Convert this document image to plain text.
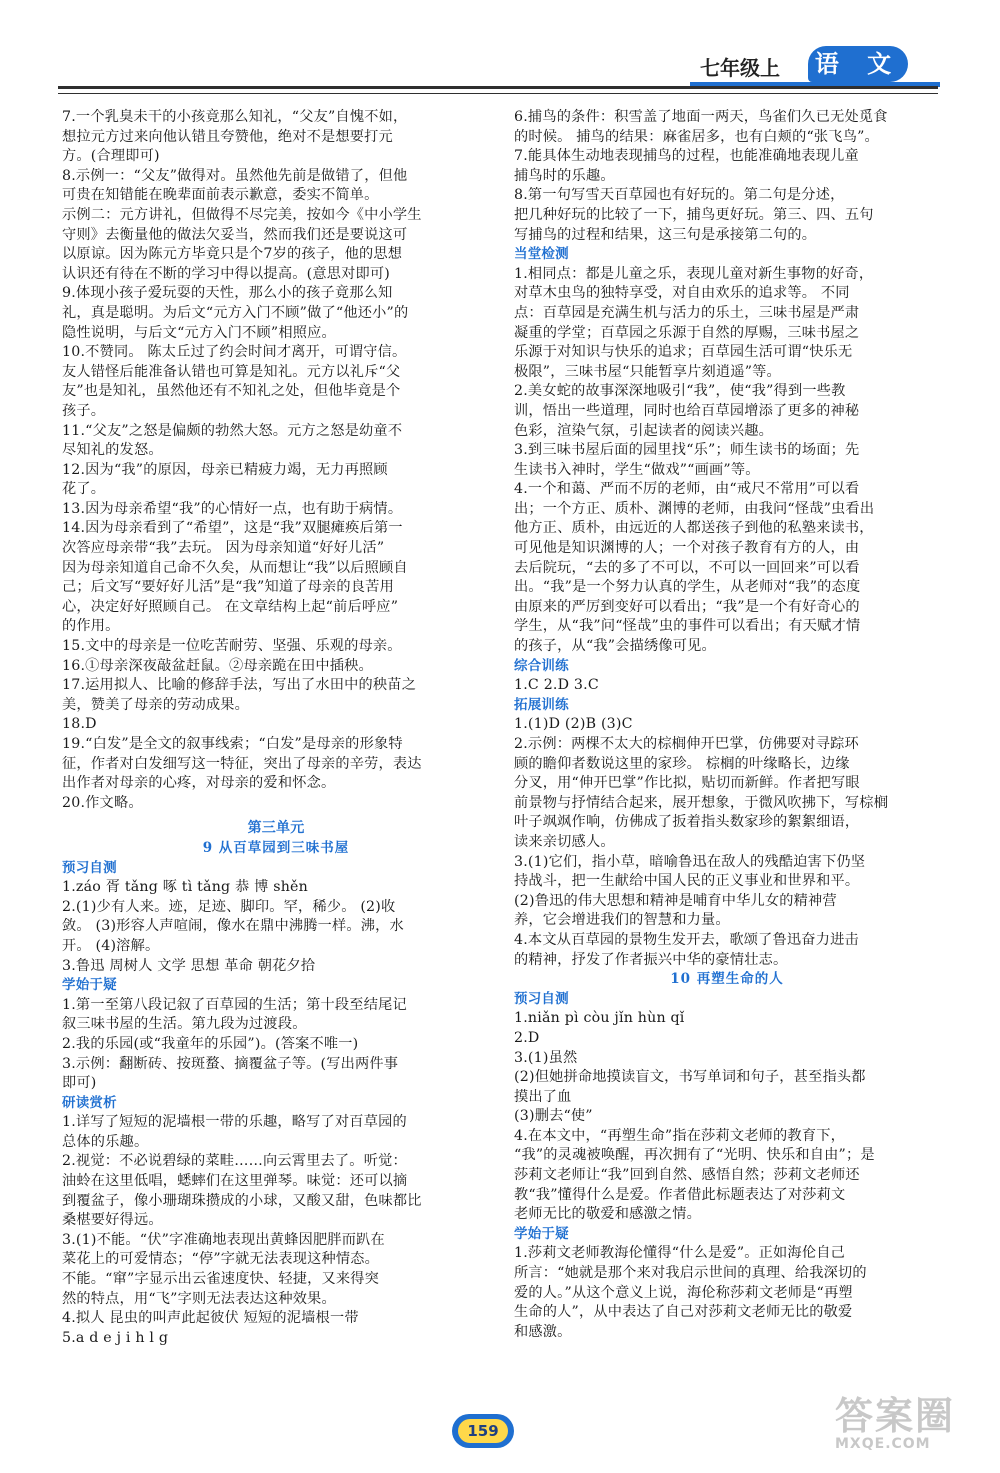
七年级上 语 文

7.一个乳臭未干的小孩竟那么知礼，“父友”自愧不如，

想拉元方过来向他认错且夸赞他，绝对不是想要打元

方。(合理即可)

8.示例一：“父友”做得对。虽然他先前是做错了，但他

可贵在知错能在晚辈面前表示歉意，委实不简单。

示例二：元方讲礼，但做得不尽完美，按如今《中小学生

守则》去衡量他的做法欠妥当，然而我们还是要说这可

以原谅。因为陈元方毕竟只是个7岁的孩子，他的思想

认识还有待在不断的学习中得以提高。(意思对即可)

9.体现小孩子爱玩耍的天性，那么小的孩子竟那么知

礼，真是聪明。为后文“元方入门不顾”做了“他还小”的

隐性说明，与后文“元方入门不顾”相照应。

10.不赞同。 陈太丘过了约会时间才离开，可谓守信。

友人错怪后能准备认错也可算是知礼。元方以礼斥“父

友”也是知礼，虽然他还有不知礼之处，但他毕竟是个

孩子。

11.“父友”之怒是偏颇的勃然大怒。元方之怒是幼童不

尽知礼的发怒。

12.因为“我”的原因，母亲已精疲力竭，无力再照顾

花了。

13.因为母亲希望“我”的心情好一点，也有助于病情。

14.因为母亲看到了“希望”，这是“我”双腿瘫痪后第一

次答应母亲带“我”去玩。 因为母亲知道“好好儿活”

因为母亲知道自己命不久矣，从而想让“我”以后照顾自

己；后文写“要好好儿活”是“我”知道了母亲的良苦用

心，决定好好照顾自己。 在文章结构上起“前后呼应”

的作用。

15.文中的母亲是一位吃苦耐劳、坚强、乐观的母亲。

16.①母亲深夜敲盆赶鼠。②母亲跪在田中插秧。

17.运用拟人、比喻的修辞手法，写出了水田中的秧苗之

美，赞美了母亲的劳动成果。

18.D

19.“白发”是全文的叙事线索；“白发”是母亲的形象特

征，作者对白发细写这一特征，突出了母亲的辛劳，表达

出作者对母亲的心疼，对母亲的爱和怀念。

20.作文略。

第三单元

9 从百草园到三味书屋

预习自测

1.záo 胥 tǎng 啄 tì tǎng 恭 博 shěn

2.(1)少有人来。迹，足迹、脚印。罕，稀少。 (2)收

敛。 (3)形容人声喧闹，像水在鼎中沸腾一样。沸，水

开。 (4)溶解。

3.鲁迅 周树人 文学 思想 革命 朝花夕拾

学始于疑

1.第一至第八段记叙了百草园的生活；第十段至结尾记

叙三味书屋的生活。第九段为过渡段。

2.我的乐园(或“我童年的乐园”)。(答案不唯一)

3.示例：翻断砖、按斑蝥、摘覆盆子等。(写出两件事

即可)

研读赏析

1.详写了短短的泥墙根一带的乐趣，略写了对百草园的

总体的乐趣。

2.视觉：不必说碧绿的菜畦……向云霄里去了。听觉：

油蛉在这里低唱，蟋蟀们在这里弹琴。味觉：还可以摘

到覆盆子，像小珊瑚珠攒成的小球，又酸又甜，色味都比

桑椹要好得远。

3.(1)不能。“伏”字准确地表现出黄蜂因肥胖而趴在

菜花上的可爱情态；“停”字就无法表现这种情态。

不能。“窜”字显示出云雀速度快、轻捷，又来得突

然的特点，用“飞”字则无法表达这种效果。

4.拟人 昆虫的叫声此起彼伏 短短的泥墙根一带

5.a d e j i h l g

6.捕鸟的条件：积雪盖了地面一两天，鸟雀们久已无处觅食

的时候。 捕鸟的结果：麻雀居多，也有白颊的“张飞鸟”。

7.能具体生动地表现捕鸟的过程，也能准确地表现儿童

捕鸟时的乐趣。

8.第一句写雪天百草园也有好玩的。第二句是分述，

把几种好玩的比较了一下，捕鸟更好玩。第三、四、五句

写捕鸟的过程和结果，这三句是承接第二句的。

当堂检测

1.相同点：都是儿童之乐，表现儿童对新生事物的好奇，

对草木虫鸟的独特享受，对自由欢乐的追求等。 不同

点：百草园是充满生机与活力的乐土，三味书屋是严肃

凝重的学堂；百草园之乐源于自然的厚赐，三味书屋之

乐源于对知识与快乐的追求；百草园生活可谓“快乐无

极限”，三味书屋“只能暂享片刻逍遥”等。

2.美女蛇的故事深深地吸引“我”，使“我”得到一些教

训，悟出一些道理，同时也给百草园增添了更多的神秘

色彩，渲染气氛，引起读者的阅读兴趣。

3.到三味书屋后面的园里找“乐”；师生读书的场面；先

生读书入神时，学生“做戏”“画画”等。

4.一个和蔼、严而不厉的老师，由“戒尺不常用”可以看

出；一个方正、质朴、渊博的老师，由我问“怪哉”虫看出

他方正、质朴，由远近的人都送孩子到他的私塾来读书，

可见他是知识渊博的人；一个对孩子教育有方的人，由

去后院玩，“去的多了不可以，不可以一回回来”可以看

出。“我”是一个努力认真的学生，从老师对“我”的态度

由原来的严厉到变好可以看出；“我”是一个有好奇心的

学生，从“我”问“怪哉”虫的事件可以看出；有天赋才情

的孩子，从“我”会描绣像可见。

综合训练

1.C 2.D 3.C

拓展训练

1.(1)D (2)B (3)C

2.示例：两棵不太大的棕榈伸开巴掌，仿佛要对寻踪环

顾的瞻仰者数说这里的家珍。 棕榈的叶缘略长，边缘

分叉，用“伸开巴掌”作比拟，贴切而新鲜。作者把写眼

前景物与抒情结合起来，展开想象，于微风吹拂下，写棕榈

叶子飒飒作响，仿佛成了扳着指头数家珍的絮絮细语，

读来亲切感人。

3.(1)它们，指小草，暗喻鲁迅在敌人的残酷迫害下仍坚

持战斗，把一生献给中国人民的正义事业和世界和平。

(2)鲁迅的伟大思想和精神是哺育中华儿女的精神营

养，它会增进我们的智慧和力量。

4.本文从百草园的景物生发开去，歌颂了鲁迅奋力进击

的精神，抒发了作者振兴中华的豪情壮志。

10 再塑生命的人

预习自测

1.niǎn pì còu jǐn hùn qǐ

2.D

3.(1)虽然

(2)但她拼命地摸读盲文，书写单词和句子，甚至指头都

摸出了血

(3)删去“使”

4.在本文中，“再塑生命”指在莎莉文老师的教育下，

“我”的灵魂被唤醒，再次拥有了“光明、快乐和自由”；是

莎莉文老师让“我”回到自然、感悟自然；莎莉文老师还

教“我”懂得什么是爱。作者借此标题表达了对莎莉文

老师无比的敬爱和感激之情。

学始于疑

1.莎莉文老师教海伦懂得“什么是爱”。正如海伦自己

所言：“她就是那个来对我启示世间的真理、给我深切的

爱的人。”从这个意义上说，海伦称莎莉文老师是“再塑

生命的人”，从中表达了自己对莎莉文老师无比的敬爱

和感激。

159	答案圈
MXQE.COM
